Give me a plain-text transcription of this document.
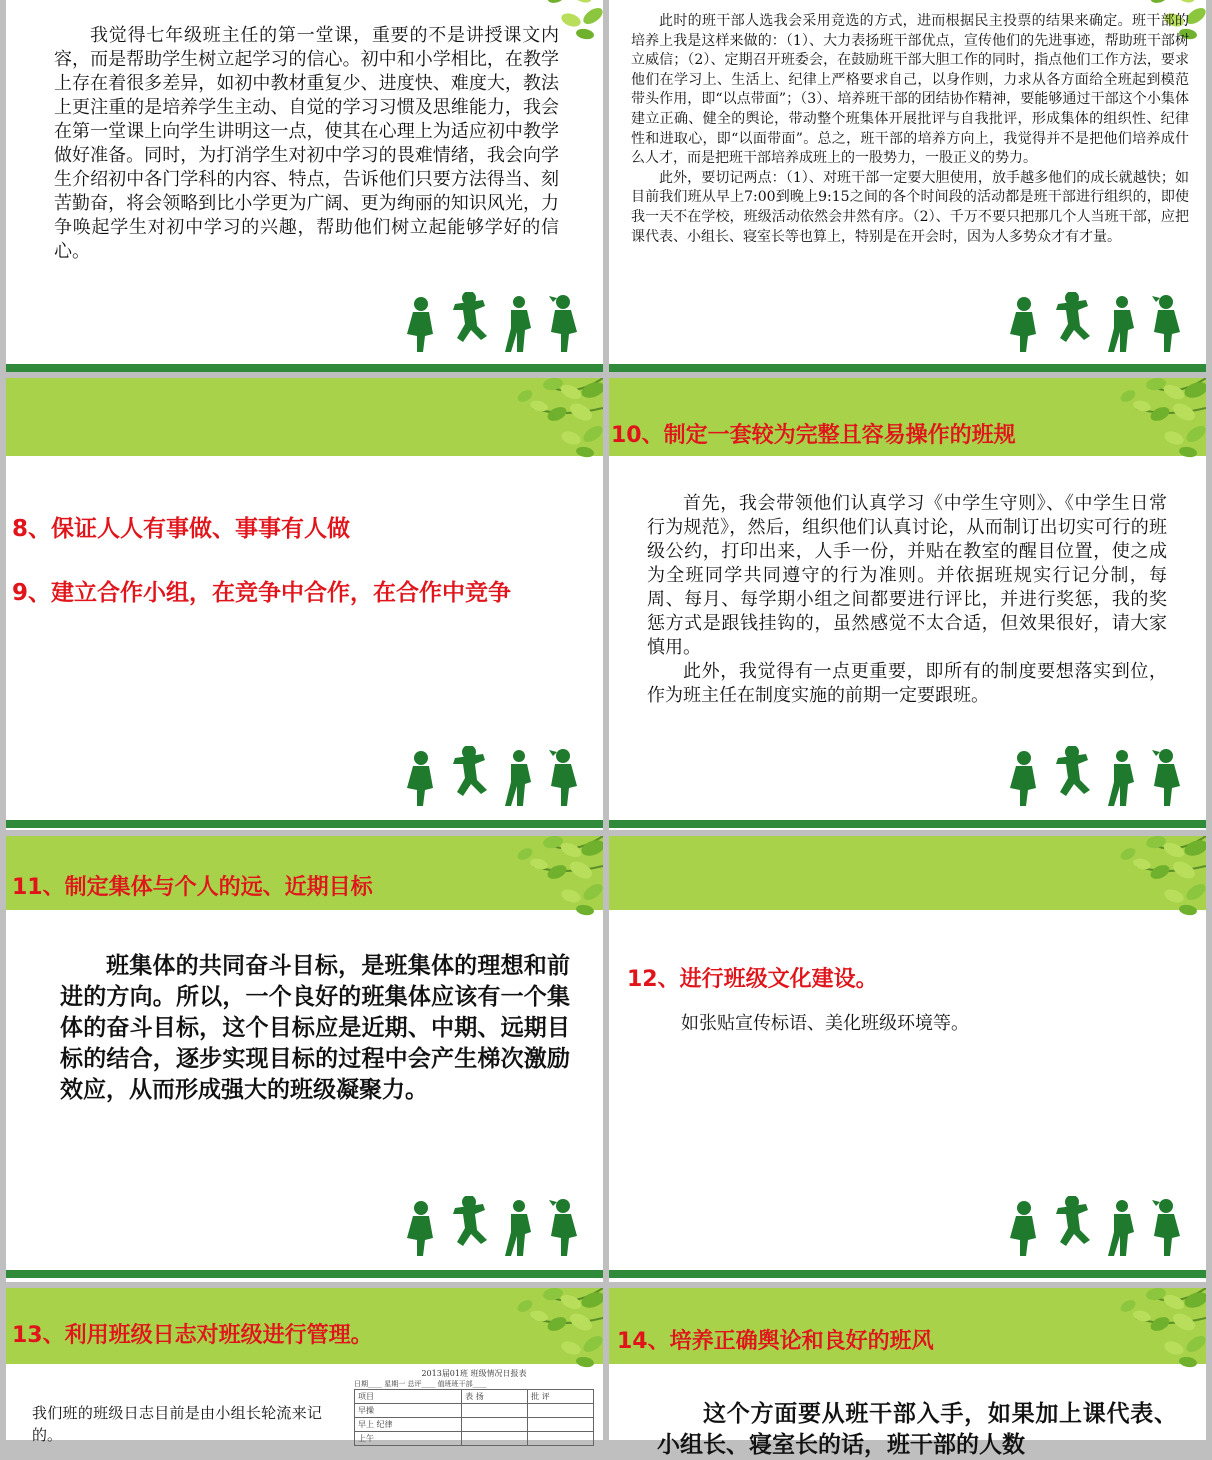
我觉得七年级班主任的第一堂课，重要的不是讲授课文内容，而是帮助学生树立起学习的信心。初中和小学相比，在教学上存在着很多差异，如初中教材重复少、进度快、难度大，教法上更注重的是培养学生主动、自觉的学习习惯及思维能力，我会在第一堂课上向学生讲明这一点，使其在心理上为适应初中教学做好准备。同时，为打消学生对初中学习的畏难情绪，我会向学生介绍初中各门学科的内容、特点，告诉他们只要方法得当、刻苦勤奋，将会领略到比小学更为广阔、更为绚丽的知识风光，力争唤起学生对初中学习的兴趣，帮助他们树立起能够学好的信心。

此时的班干部人选我会采用竞选的方式，进而根据民主投票的结果来确定。班干部的培养上我是这样来做的：（1）、大力表扬班干部优点，宣传他们的先进事迹，帮助班干部树立威信；（2）、定期召开班委会，在鼓励班干部大胆工作的同时，指点他们工作方法，要求他们在学习上、生活上、纪律上严格要求自己，以身作则，力求从各方面给全班起到模范带头作用，即“以点带面”；（3）、培养班干部的团结协作精神，要能够通过干部这个小集体建立正确、健全的舆论，带动整个班集体开展批评与自我批评，形成集体的组织性、纪律性和进取心，即“以面带面”。总之，班干部的培养方向上，我觉得并不是把他们培养成什么人才，而是把班干部培养成班上的一股势力，一股正义的势力。

此外，要切记两点：（1）、对班干部一定要大胆使用，放手越多他们的成长就越快；如目前我们班从早上7:00到晚上9:15之间的各个时间段的活动都是班干部进行组织的，即使我一天不在学校，班级活动依然会井然有序。（2）、千万不要只把那几个人当班干部，应把课代表、小组长、寝室长等也算上，特别是在开会时，因为人多势众才有才量。

8、保证人人有事做、事事有人做
9、建立合作小组，在竞争中合作，在合作中竞争
10、制定一套较为完整且容易操作的班规

首先，我会带领他们认真学习《中学生守则》、《中学生日常行为规范》，然后，组织他们认真讨论，从而制订出切实可行的班级公约，打印出来，人手一份，并贴在教室的醒目位置，使之成为全班同学共同遵守的行为准则。并依据班规实行记分制，每周、每月、每学期小组之间都要进行评比，并进行奖惩，我的奖惩方式是跟钱挂钩的，虽然感觉不太合适，但效果很好，请大家慎用。

此外，我觉得有一点更重要，即所有的制度要想落实到位，作为班主任在制度实施的前期一定要跟班。

11、制定集体与个人的远、近期目标

班集体的共同奋斗目标，是班集体的理想和前进的方向。所以，一个良好的班集体应该有一个集体的奋斗目标，这个目标应是近期、中期、远期目标的结合，逐步实现目标的过程中会产生梯次激励效应，从而形成强大的班级凝聚力。

12、进行班级文化建设。
如张贴宣传标语、美化班级环境等。
13、利用班级日志对班级进行管理。
我们班的班级日志目前是由小组长轮流来记的。
2013届01班 班级情况日报表
日期____ 星期一 总评____ 值班班干部____
项目	表 扬	批 评
早操		
早上 纪律		
上午		
14、培养正确舆论和良好的班风

这个方面要从班干部入手，如果加上课代表、小组长、寝室长的话，班干部的人数
